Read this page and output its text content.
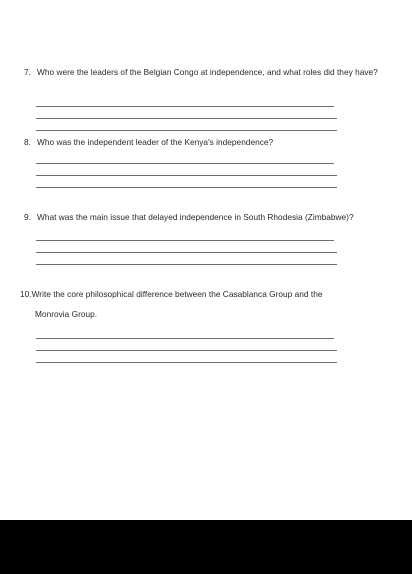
7. Who were the leaders of the Belgian Congo at independence, and what roles did they have?
8. Who was the independent leader of the Kenya's independence?
9. What was the main issue that delayed independence in South Rhodesia (Zimbabwe)?
10.Write the core philosophical difference between the Casablanca Group and the
Monrovia Group.
